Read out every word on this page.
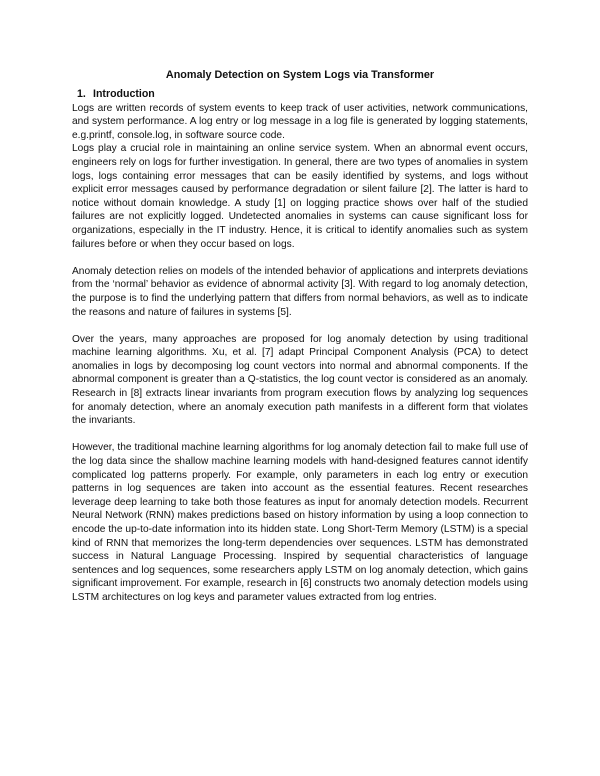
Anomaly Detection on System Logs via Transformer
1. Introduction

Logs are written records of system events to keep track of user activities, network communications, and system performance. A log entry or log message in a log file is generated by logging statements, e.g.printf, console.log, in software source code.

Logs play a crucial role in maintaining an online service system. When an abnormal event occurs, engineers rely on logs for further investigation. In general, there are two types of anomalies in system logs, logs containing error messages that can be easily identified by systems, and logs without explicit error messages caused by performance degradation or silent failure [2]. The latter is hard to notice without domain knowledge. A study [1] on logging practice shows over half of the studied failures are not explicitly logged. Undetected anomalies in systems can cause significant loss for organizations, especially in the IT industry. Hence, it is critical to identify anomalies such as system failures before or when they occur based on logs.

Anomaly detection relies on models of the intended behavior of applications and interprets deviations from the ‘normal’ behavior as evidence of abnormal activity [3]. With regard to log anomaly detection, the purpose is to find the underlying pattern that differs from normal behaviors, as well as to indicate the reasons and nature of failures in systems [5].

Over the years, many approaches are proposed for log anomaly detection by using traditional machine learning algorithms. Xu, et al. [7] adapt Principal Component Analysis (PCA) to detect anomalies in logs by decomposing log count vectors into normal and abnormal components. If the abnormal component is greater than a Q-statistics, the log count vector is considered as an anomaly. Research in [8] extracts linear invariants from program execution flows by analyzing log sequences for anomaly detection, where an anomaly execution path manifests in a different form that violates the invariants.

However, the traditional machine learning algorithms for log anomaly detection fail to make full use of the log data since the shallow machine learning models with hand-designed features cannot identify complicated log patterns properly. For example, only parameters in each log entry or execution patterns in log sequences are taken into account as the essential features. Recent researches leverage deep learning to take both those features as input for anomaly detection models. Recurrent Neural Network (RNN) makes predictions based on history information by using a loop connection to encode the up-to-date information into its hidden state. Long Short-Term Memory (LSTM) is a special kind of RNN that memorizes the long-term dependencies over sequences. LSTM has demonstrated success in Natural Language Processing. Inspired by sequential characteristics of language sentences and log sequences, some researchers apply LSTM on log anomaly detection, which gains significant improvement. For example, research in [6] constructs two anomaly detection models using LSTM architectures on log keys and parameter values extracted from log entries.
